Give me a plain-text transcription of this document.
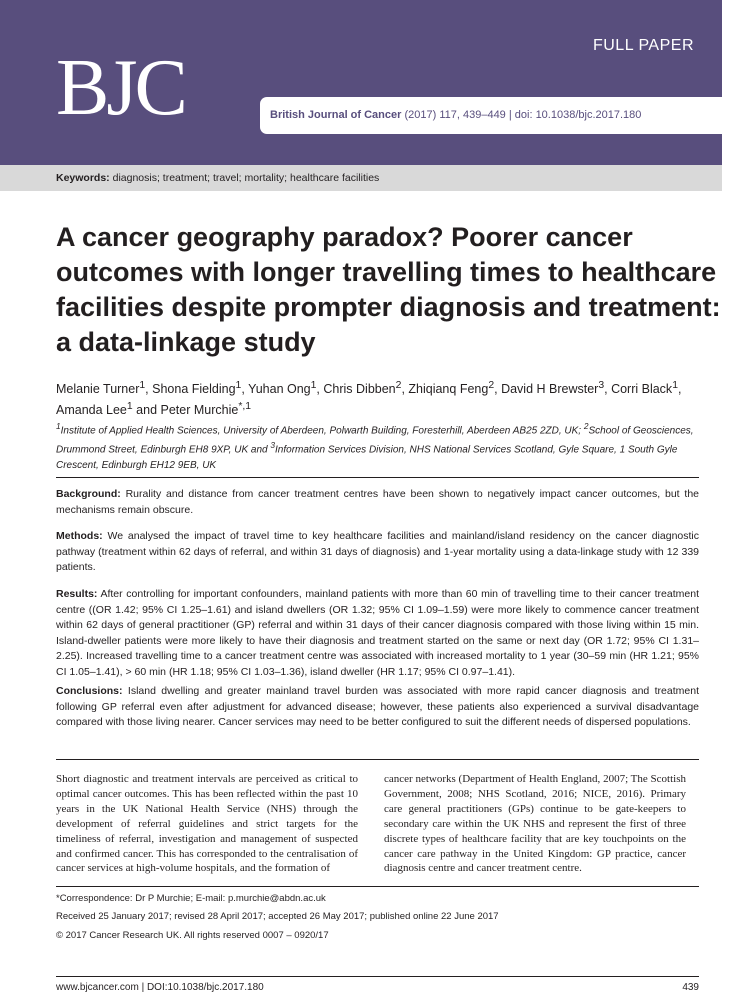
BJC	FULL PAPER
British Journal of Cancer (2017) 117, 439–449 | doi: 10.1038/bjc.2017.180
Keywords: diagnosis; treatment; travel; mortality; healthcare facilities
A cancer geography paradox? Poorer cancer outcomes with longer travelling times to healthcare facilities despite prompter diagnosis and treatment: a data-linkage study
Melanie Turner$^1$, Shona Fielding$^1$, Yuhan Ong$^1$, Chris Dibben$^2$, Zhiqianq Feng$^2$, David H Brewster$^3$, Corri Black$^1$, Amanda Lee$^1$ and Peter Murchie$^{*,1}$
$^1$Institute of Applied Health Sciences, University of Aberdeen, Polwarth Building, Foresterhill, Aberdeen AB25 2ZD, UK; $^2$School of Geosciences, Drummond Street, Edinburgh EH8 9XP, UK and $^3$Information Services Division, NHS National Services Scotland, Gyle Square, 1 South Gyle Crescent, Edinburgh EH12 9EB, UK

Background: Rurality and distance from cancer treatment centres have been shown to negatively impact cancer outcomes, but the mechanisms remain obscure.

Methods: We analysed the impact of travel time to key healthcare facilities and mainland/island residency on the cancer diagnostic pathway (treatment within 62 days of referral, and within 31 days of diagnosis) and 1-year mortality using a data-linkage study with 12 339 patients.

Results: After controlling for important confounders, mainland patients with more than 60 min of travelling time to their cancer treatment centre ((OR 1.42; 95% CI 1.25–1.61) and island dwellers (OR 1.32; 95% CI 1.09–1.59) were more likely to commence cancer treatment within 62 days of general practitioner (GP) referral and within 31 days of their cancer diagnosis compared with those living within 15 min. Island-dweller patients were more likely to have their diagnosis and treatment started on the same or next day (OR 1.72; 95% CI 1.31–2.25). Increased travelling time to a cancer treatment centre was associated with increased mortality to 1 year (30–59 min (HR 1.21; 95% CI 1.05–1.41), > 60 min (HR 1.18; 95% CI 1.03–1.36), island dweller (HR 1.17; 95% CI 0.97–1.41).

Conclusions: Island dwelling and greater mainland travel burden was associated with more rapid cancer diagnosis and treatment following GP referral even after adjustment for advanced disease; however, these patients also experienced a survival disadvantage compared with those living nearer. Cancer services may need to be better configured to suit the different needs of dispersed populations.

Short diagnostic and treatment intervals are perceived as critical to optimal cancer outcomes. This has been reflected within the past 10 years in the UK National Health Service (NHS) through the development of referral guidelines and strict targets for the timeliness of referral, investigation and management of suspected and confirmed cancer. This has corresponded to the centralisation of cancer services at high-volume hospitals, and the formation of

cancer networks (Department of Health England, 2007; The Scottish Government, 2008; NHS Scotland, 2016; NICE, 2016). Primary care general practitioners (GPs) continue to be gate-keepers to secondary care within the UK NHS and represent the first of three discrete types of healthcare facility that are key touchpoints on the cancer care pathway in the United Kingdom: GP practice, cancer diagnosis centre and cancer treatment centre.

*Correspondence: Dr P Murchie; E-mail: p.murchie@abdn.ac.uk
Received 25 January 2017; revised 28 April 2017; accepted 26 May 2017; published online 22 June 2017
© 2017 Cancer Research UK. All rights reserved 0007 – 0920/17
www.bjcancer.com | DOI:10.1038/bjc.2017.180	439
